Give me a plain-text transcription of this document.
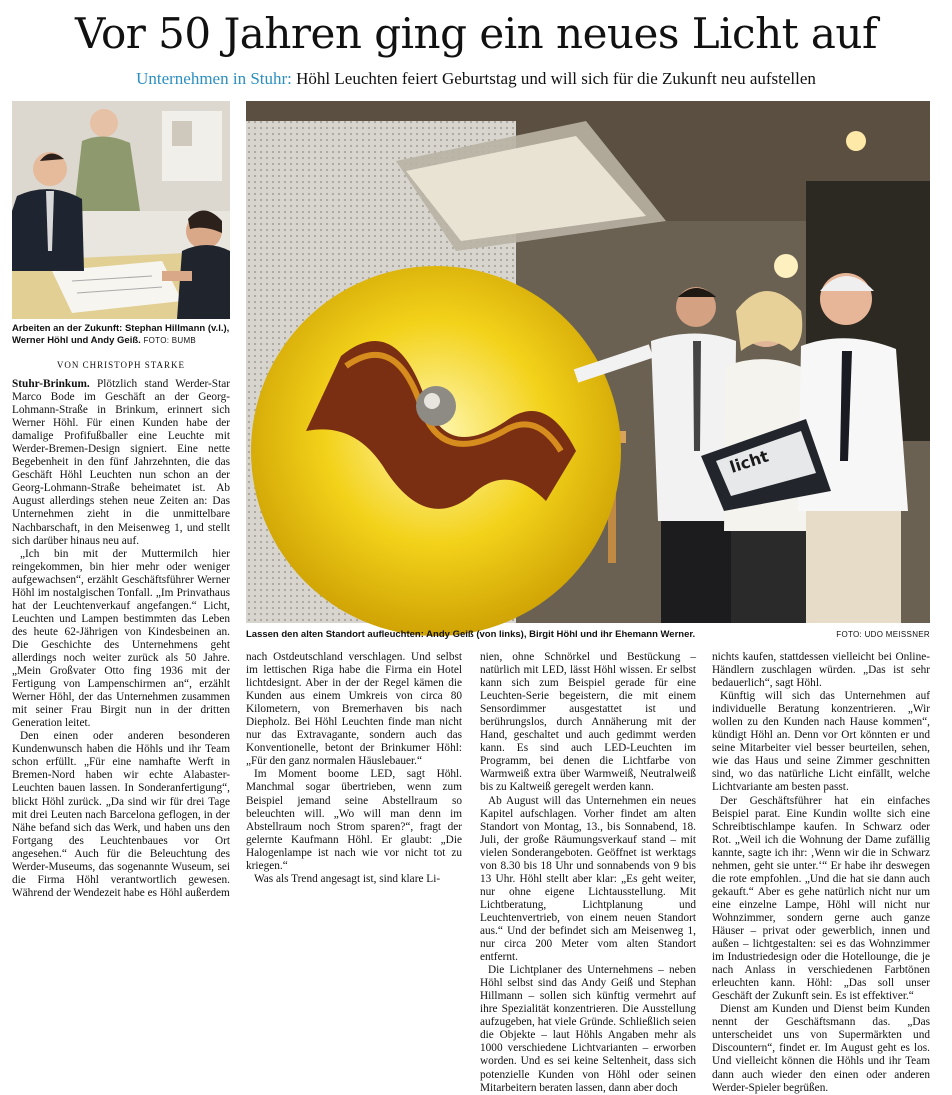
Vor 50 Jahren ging ein neues Licht auf
Unternehmen in Stuhr: Höhl Leuchten feiert Geburtstag und will sich für die Zukunft neu aufstellen
Arbeiten an der Zukunft: Stephan Hillmann (v.l.), Werner Höhl und Andy Geiß. FOTO: BUMB
licht
Lassen den alten Standort aufleuchten: Andy Geiß (von links), Birgit Höhl und ihr Ehemann Werner.	FOTO: UDO MEISSNER
VON CHRISTOPH STARKE

Stuhr-Brinkum. Plötzlich stand Werder-Star Marco Bode im Geschäft an der Georg-Lohmann-Straße in Brinkum, erinnert sich Werner Höhl. Für einen Kunden habe der damalige Profifußballer eine Leuchte mit Werder-Bremen-Design signiert. Eine nette Begebenheit in den fünf Jahrzehnten, die das Geschäft Höhl Leuchten nun schon an der Georg-Lohmann-Straße beheimatet ist. Ab August allerdings stehen neue Zeiten an: Das Unternehmen zieht in die unmittelbare Nachbarschaft, in den Meisenweg 1, und stellt sich darüber hinaus neu auf.

„Ich bin mit der Muttermilch hier reingekommen, bin hier mehr oder weniger aufgewachsen“, erzählt Geschäftsführer Werner Höhl im nostalgischen Tonfall. „Im Prinvathaus hat der Leuchtenverkauf angefangen.“ Licht, Leuchten und Lampen bestimmten das Leben des heute 62-Jährigen von Kindesbeinen an. Die Geschichte des Unternehmens geht allerdings noch weiter zurück als 50 Jahre. „Mein Großvater Otto fing 1936 mit der Fertigung von Lampenschirmen an“, erzählt Werner Höhl, der das Unternehmen zusammen mit seiner Frau Birgit nun in der dritten Generation leitet.

Den einen oder anderen besonderen Kundenwunsch haben die Höhls und ihr Team schon erfüllt. „Für eine namhafte Werft in Bremen-Nord haben wir echte Alabaster-Leuchten bauen lassen. In Sonderanfertigung“, blickt Höhl zurück. „Da sind wir für drei Tage mit drei Leuten nach Barcelona geflogen, in der Nähe befand sich das Werk, und haben uns den Fortgang des Leuchtenbaues vor Ort angesehen.“ Auch für die Beleuchtung des Werder-Museums, das sogenannte Wuseum, sei die Firma Höhl verantwortlich gewesen. Während der Wendezeit habe es Höhl außerdem

nach Ostdeutschland verschlagen. Und selbst im lettischen Riga habe die Firma ein Hotel lichtdesignt. Aber in der der Regel kämen die Kunden aus einem Umkreis von circa 80 Kilometern, von Bremerhaven bis nach Diepholz. Bei Höhl Leuchten finde man nicht nur das Extravagante, sondern auch das Konventionelle, betont der Brinkumer Höhl: „Für den ganz normalen Häuslebauer.“

Im Moment boome LED, sagt Höhl. Manchmal sogar übertrieben, wenn zum Beispiel jemand seine Abstellraum so beleuchten will. „Wo will man denn im Abstellraum noch Strom sparen?“, fragt der gelernte Kaufmann Höhl. Er glaubt: „Die Halogenlampe ist nach wie vor nicht tot zu kriegen.“

Was als Trend angesagt ist, sind klare Li-

nien, ohne Schnörkel und Bestückung – natürlich mit LED, lässt Höhl wissen. Er selbst kann sich zum Beispiel gerade für eine Leuchten-Serie begeistern, die mit einem Sensordimmer ausgestattet ist und berührungslos, durch Annäherung mit der Hand, geschaltet und auch gedimmt werden kann. Es sind auch LED-Leuchten im Programm, bei denen die Lichtfarbe von Warmweiß extra über Warmweiß, Neutralweiß bis zu Kaltweiß geregelt werden kann.

Ab August will das Unternehmen ein neues Kapitel aufschlagen. Vorher findet am alten Standort von Montag, 13., bis Sonnabend, 18. Juli, der große Räumungsverkauf stand – mit vielen Sonderangeboten. Geöffnet ist werktags von 8.30 bis 18 Uhr und sonnabends von 9 bis 13 Uhr. Höhl stellt aber klar: „Es geht weiter, nur ohne eigene Lichtausstellung. Mit Lichtberatung, Lichtplanung und Leuchtenvertrieb, von einem neuen Standort aus.“ Und der befindet sich am Meisenweg 1, nur circa 200 Meter vom alten Standort entfernt.

Die Lichtplaner des Unternehmens – neben Höhl selbst sind das Andy Geiß und Stephan Hillmann – sollen sich künftig vermehrt auf ihre Spezialität konzentrieren. Die Ausstellung aufzugeben, hat viele Gründe. Schließlich seien die Objekte – laut Höhls Angaben mehr als 1000 verschiedene Lichtvarianten – erworben worden. Und es sei keine Seltenheit, dass sich potenzielle Kunden von Höhl oder seinen Mitarbeitern beraten lassen, dann aber doch

nichts kaufen, stattdessen vielleicht bei Online-Händlern zuschlagen würden. „Das ist sehr bedauerlich“, sagt Höhl.

Künftig will sich das Unternehmen auf individuelle Beratung konzentrieren. „Wir wollen zu den Kunden nach Hause kommen“, kündigt Höhl an. Denn vor Ort könnten er und seine Mitarbeiter viel besser beurteilen, sehen, wie das Haus und seine Zimmer geschnitten sind, wo das natürliche Licht einfällt, welche Lichtvariante am besten passt.

Der Geschäftsführer hat ein einfaches Beispiel parat. Eine Kundin wollte sich eine Schreibtischlampe kaufen. In Schwarz oder Rot. „Weil ich die Wohnung der Dame zufällig kannte, sagte ich ihr: ‚Wenn wir die in Schwarz nehmen, geht sie unter.‘“ Er habe ihr deswegen die rote empfohlen. „Und die hat sie dann auch gekauft.“ Aber es gehe natürlich nicht nur um eine einzelne Lampe, Höhl will nicht nur Wohnzimmer, sondern gerne auch ganze Häuser – privat oder gewerblich, innen und außen – lichtgestalten: sei es das Wohnzimmer im Industriedesign oder die Hotellounge, die je nach Anlass in verschiedenen Farbtönen erleuchten kann. Höhl: „Das soll unser Geschäft der Zukunft sein. Es ist effektiver.“

Dienst am Kunden und Dienst beim Kunden nennt der Geschäftsmann das. „Das unterscheidet uns von Supermärkten und Discountern“, findet er. Im August geht es los. Und vielleicht können die Höhls und ihr Team dann auch wieder den einen oder anderen Werder-Spieler begrüßen.
